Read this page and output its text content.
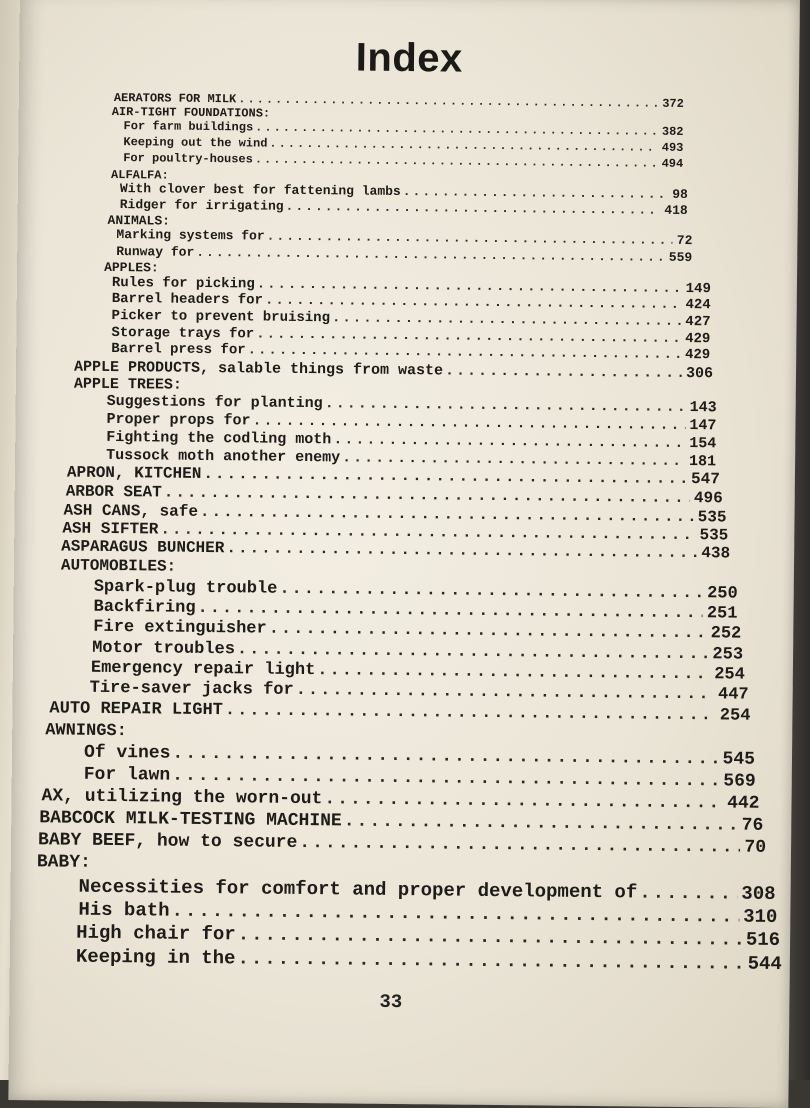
Index
AERATORS FOR MILK .....	372
AIR-TIGHT FOUNDATIONS:
For farm buildings .....	382
Keeping out the wind .....	493
For poultry-houses .....	494
ALFALFA:
With clover best for fattening lambs .....	98
Ridger for irrigating .....	418
ANIMALS:
Marking systems for .....	72
Runway for .....	559
APPLES:
Rules for picking .....	149
Barrel headers for .....	424
Picker to prevent bruising .....	427
Storage trays for .....	429
Barrel press for .....	429
APPLE PRODUCTS, salable things from waste .....	306
APPLE TREES:
Suggestions for planting .....	143
Proper props for .....	147
Fighting the codling moth .....	154
Tussock moth another enemy .....	181
APRON, KITCHEN .....	547
ARBOR SEAT .....	496
ASH CANS, safe .....	535
ASH SIFTER .....	535
ASPARAGUS BUNCHER .....	438
AUTOMOBILES:
Spark-plug trouble .....	250
Backfiring .....	251
Fire extinguisher .....	252
Motor troubles .....	253
Emergency repair light .....	254
Tire-saver jacks for .....	447
AUTO REPAIR LIGHT .....	254
AWNINGS:
Of vines .....	545
For lawn .....	569
AX, utilizing the worn-out .....	442
BABCOCK MILK-TESTING MACHINE .....	76
BABY BEEF, how to secure .....	70
BABY:
Necessities for comfort and proper development of .....	308
His bath .....	310
High chair for .....	516
Keeping in the .....	544
33
